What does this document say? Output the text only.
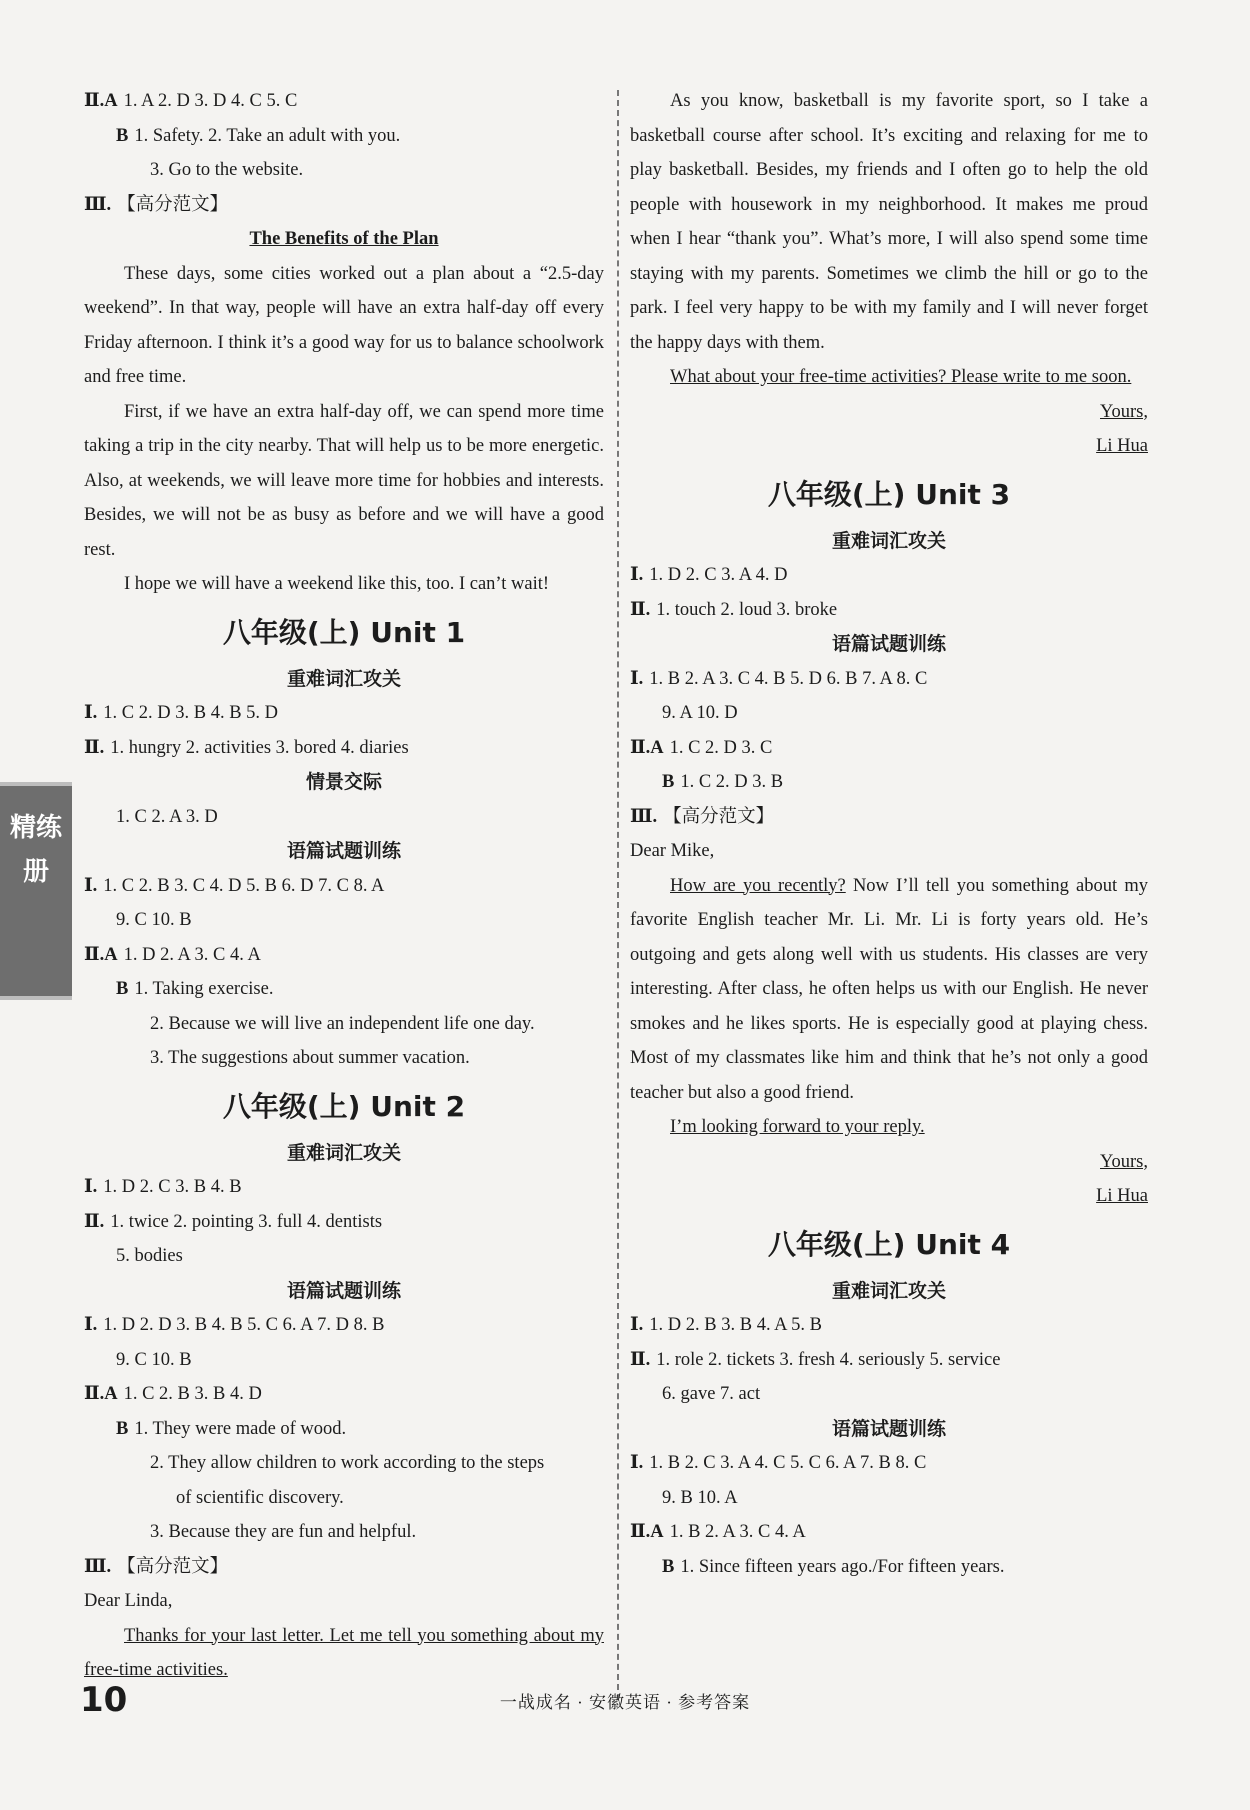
Ⅱ.A 1. A 2. D 3. D 4. C 5. C
B 1. Safety. 2. Take an adult with you.
3. Go to the website.
Ⅲ. 【高分范文】
The Benefits of the Plan
These days, some cities worked out a plan about a “2.5-day weekend”. In that way, people will have an extra half-day off every Friday afternoon. I think it’s a good way for us to balance schoolwork and free time.
First, if we have an extra half-day off, we can spend more time taking a trip in the city nearby. That will help us to be more energetic. Also, at weekends, we will leave more time for hobbies and interests. Besides, we will not be as busy as before and we will have a good rest.
I hope we will have a weekend like this, too. I can’t wait!
八年级(上) Unit 1
重难词汇攻关
Ⅰ. 1. C 2. D 3. B 4. B 5. D
Ⅱ. 1. hungry 2. activities 3. bored 4. diaries
情景交际
1. C 2. A 3. D
语篇试题训练
Ⅰ. 1. C 2. B 3. C 4. D 5. B 6. D 7. C 8. A
9. C 10. B
Ⅱ.A 1. D 2. A 3. C 4. A
B 1. Taking exercise.
2. Because we will live an independent life one day.
3. The suggestions about summer vacation.
八年级(上) Unit 2
重难词汇攻关
Ⅰ. 1. D 2. C 3. B 4. B
Ⅱ. 1. twice 2. pointing 3. full 4. dentists
5. bodies
语篇试题训练
Ⅰ. 1. D 2. D 3. B 4. B 5. C 6. A 7. D 8. B
9. C 10. B
Ⅱ.A 1. C 2. B 3. B 4. D
B 1. They were made of wood.
2. They allow children to work according to the steps
of scientific discovery.
3. Because they are fun and helpful.
Ⅲ. 【高分范文】
Dear Linda,
Thanks for your last letter. Let me tell you something about my free-time activities.
As you know, basketball is my favorite sport, so I take a basketball course after school. It’s exciting and relaxing for me to play basketball. Besides, my friends and I often go to help the old people with housework in my neighborhood. It makes me proud when I hear “thank you”. What’s more, I will also spend some time staying with my parents. Sometimes we climb the hill or go to the park. I feel very happy to be with my family and I will never forget the happy days with them.
What about your free-time activities? Please write to me soon.
Yours,
Li Hua
八年级(上) Unit 3
重难词汇攻关
Ⅰ. 1. D 2. C 3. A 4. D
Ⅱ. 1. touch 2. loud 3. broke
语篇试题训练
Ⅰ. 1. B 2. A 3. C 4. B 5. D 6. B 7. A 8. C
9. A 10. D
Ⅱ.A 1. C 2. D 3. C
B 1. C 2. D 3. B
Ⅲ. 【高分范文】
Dear Mike,
How are you recently? Now I’ll tell you something about my favorite English teacher Mr. Li. Mr. Li is forty years old. He’s outgoing and gets along well with us students. His classes are very interesting. After class, he often helps us with our English. He never smokes and he likes sports. He is especially good at playing chess. Most of my classmates like him and think that he’s not only a good teacher but also a good friend.
I’m looking forward to your reply.
Yours,
Li Hua
八年级(上) Unit 4
重难词汇攻关
Ⅰ. 1. D 2. B 3. B 4. A 5. B
Ⅱ. 1. role 2. tickets 3. fresh 4. seriously 5. service
6. gave 7. act
语篇试题训练
Ⅰ. 1. B 2. C 3. A 4. C 5. C 6. A 7. B 8. C
9. B 10. A
Ⅱ.A 1. B 2. A 3. C 4. A
B 1. Since fifteen years ago./For fifteen years.
精练册
10	一战成名 · 安徽英语 · 参考答案
